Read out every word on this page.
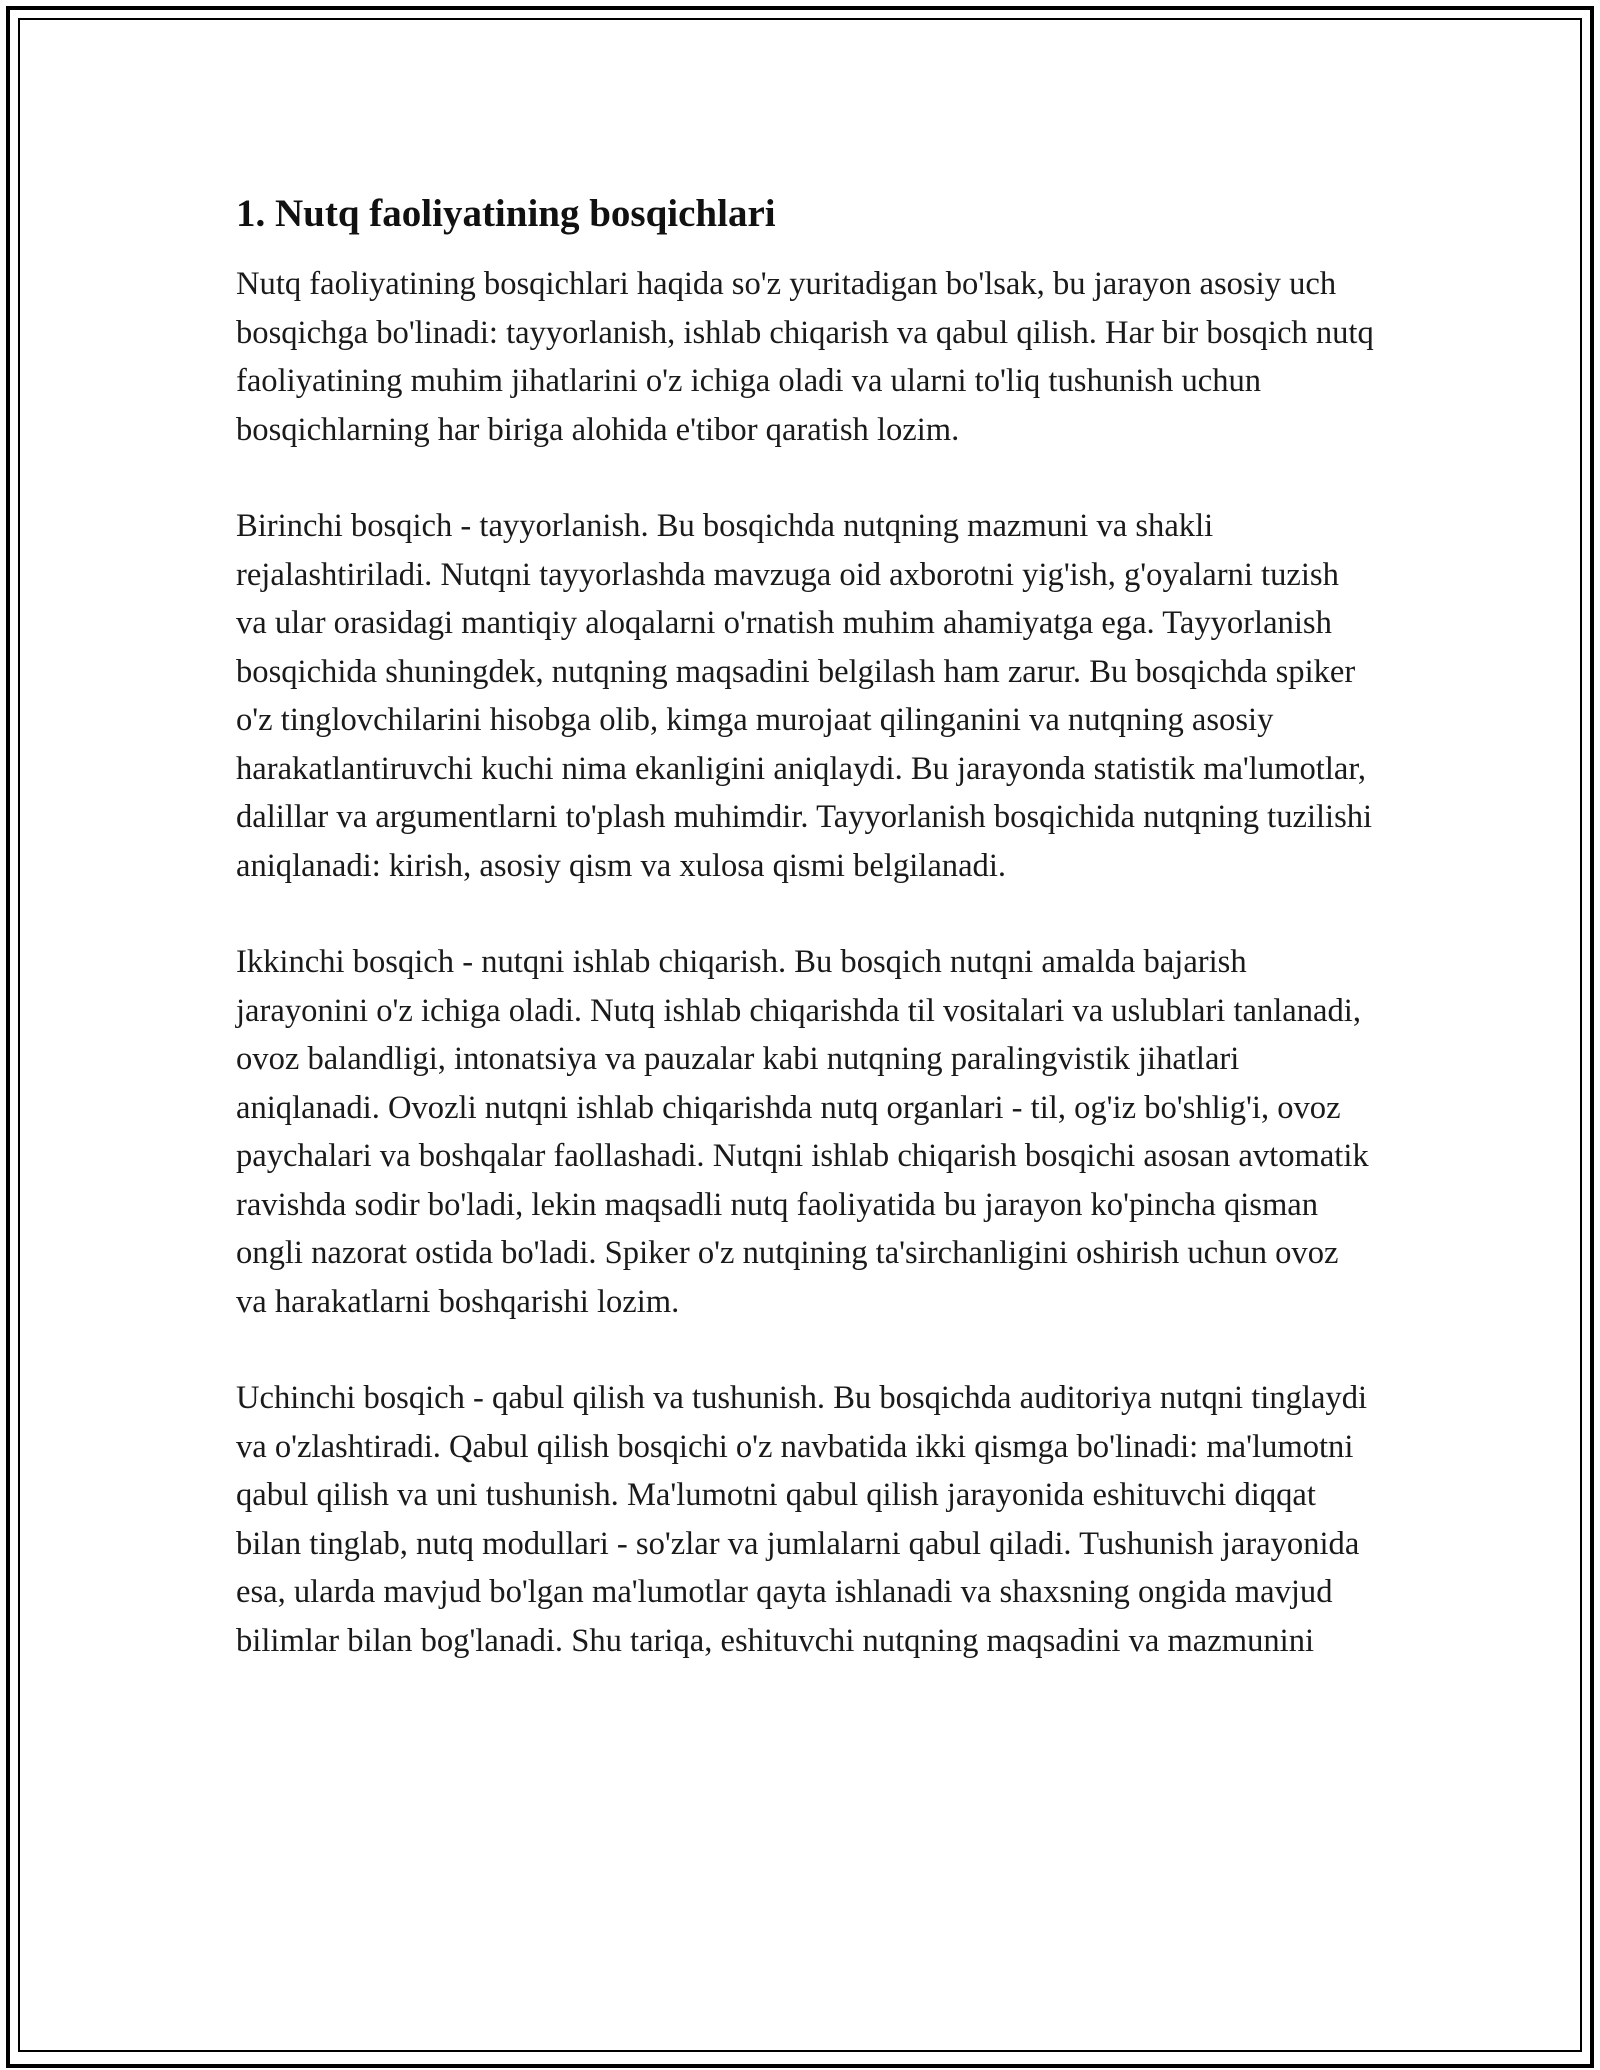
1. Nutq faoliyatining bosqichlari

Nutq faoliyatining bosqichlari haqida so'z yuritadigan bo'lsak, bu jarayon asosiy uch bosqichga bo'linadi: tayyorlanish, ishlab chiqarish va qabul qilish. Har bir bosqich nutq faoliyatining muhim jihatlarini o'z ichiga oladi va ularni to'liq tushunish uchun bosqichlarning har biriga alohida e'tibor qaratish lozim.

Birinchi bosqich - tayyorlanish. Bu bosqichda nutqning mazmuni va shakli rejalashtiriladi. Nutqni tayyorlashda mavzuga oid axborotni yig'ish, g'oyalarni tuzish va ular orasidagi mantiqiy aloqalarni o'rnatish muhim ahamiyatga ega. Tayyorlanish bosqichida shuningdek, nutqning maqsadini belgilash ham zarur. Bu bosqichda spiker o'z tinglovchilarini hisobga olib, kimga murojaat qilinganini va nutqning asosiy harakatlantiruvchi kuchi nima ekanligini aniqlaydi. Bu jarayonda statistik ma'lumotlar, dalillar va argumentlarni to'plash muhimdir. Tayyorlanish bosqichida nutqning tuzilishi aniqlanadi: kirish, asosiy qism va xulosa qismi belgilanadi.

Ikkinchi bosqich - nutqni ishlab chiqarish. Bu bosqich nutqni amalda bajarish jarayonini o'z ichiga oladi. Nutq ishlab chiqarishda til vositalari va uslublari tanlanadi, ovoz balandligi, intonatsiya va pauzalar kabi nutqning paralingvistik jihatlari aniqlanadi. Ovozli nutqni ishlab chiqarishda nutq organlari - til, og'iz bo'shlig'i, ovoz paychalari va boshqalar faollashadi. Nutqni ishlab chiqarish bosqichi asosan avtomatik ravishda sodir bo'ladi, lekin maqsadli nutq faoliyatida bu jarayon ko'pincha qisman ongli nazorat ostida bo'ladi. Spiker o'z nutqining ta'sirchanligini oshirish uchun ovoz va harakatlarni boshqarishi lozim.

Uchinchi bosqich - qabul qilish va tushunish. Bu bosqichda auditoriya nutqni tinglaydi va o'zlashtiradi. Qabul qilish bosqichi o'z navbatida ikki qismga bo'linadi: ma'lumotni qabul qilish va uni tushunish. Ma'lumotni qabul qilish jarayonida eshituvchi diqqat bilan tinglab, nutq modullari - so'zlar va jumlalarni qabul qiladi. Tushunish jarayonida esa, ularda mavjud bo'lgan ma'lumotlar qayta ishlanadi va shaxsning ongida mavjud bilimlar bilan bog'lanadi. Shu tariqa, eshituvchi nutqning maqsadini va mazmunini
